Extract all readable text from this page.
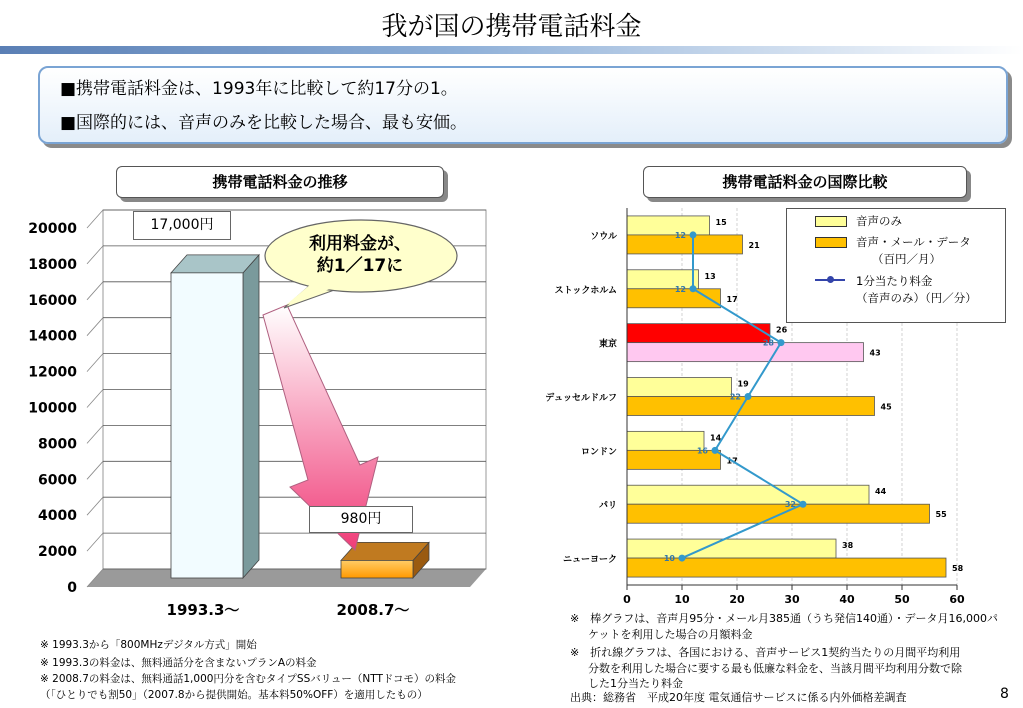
我が国の携帯電話料金
■携帯電話料金は、1993年に比較して約17分の1。
■国際的には、音声のみを比較した場合、最も安価。
携帯電話料金の推移	携帯電話料金の国際比較
0
2000
4000
6000
8000
10000
12000
14000
16000
18000
20000
1993.3〜	2008.7〜
17,000円
980円
利用料金が、
約1／17に
15
21
13
17
26
43
19
45
14
17
44
55
38
58
12
12
28
22
16
32
10
ソウル
ストックホルム
東京
デュッセルドルフ
ロンドン
パリ
ニューヨーク
0	10	20	30	40	50	60
音声のみ
音声・メール・データ
（百円／月）
1分当たり料金
（音声のみ）（円／分）
※ 1993.3から「800MHzデジタル方式」開始
※ 1993.3の料金は、無料通話分を含まないプランAの料金
※ 2008.7の料金は、無料通話1,000円分を含むタイプSSバリュー（NTTドコモ）の料金
（「ひとりでも割50」（2007.8から提供開始。基本料50%OFF）を適用したもの）
※　棒グラフは、音声月95分・メール月385通（うち発信140通）・データ月16,000パ
ケットを利用した場合の月額料金
※　折れ線グラフは、各国における、音声サービス1契約当たりの月間平均利用
分数を利用した場合に要する最も低廉な料金を、当該月間平均利用分数で除
した1分当たり料金
出典：総務省　平成20年度 電気通信サービスに係る内外価格差調査	8
